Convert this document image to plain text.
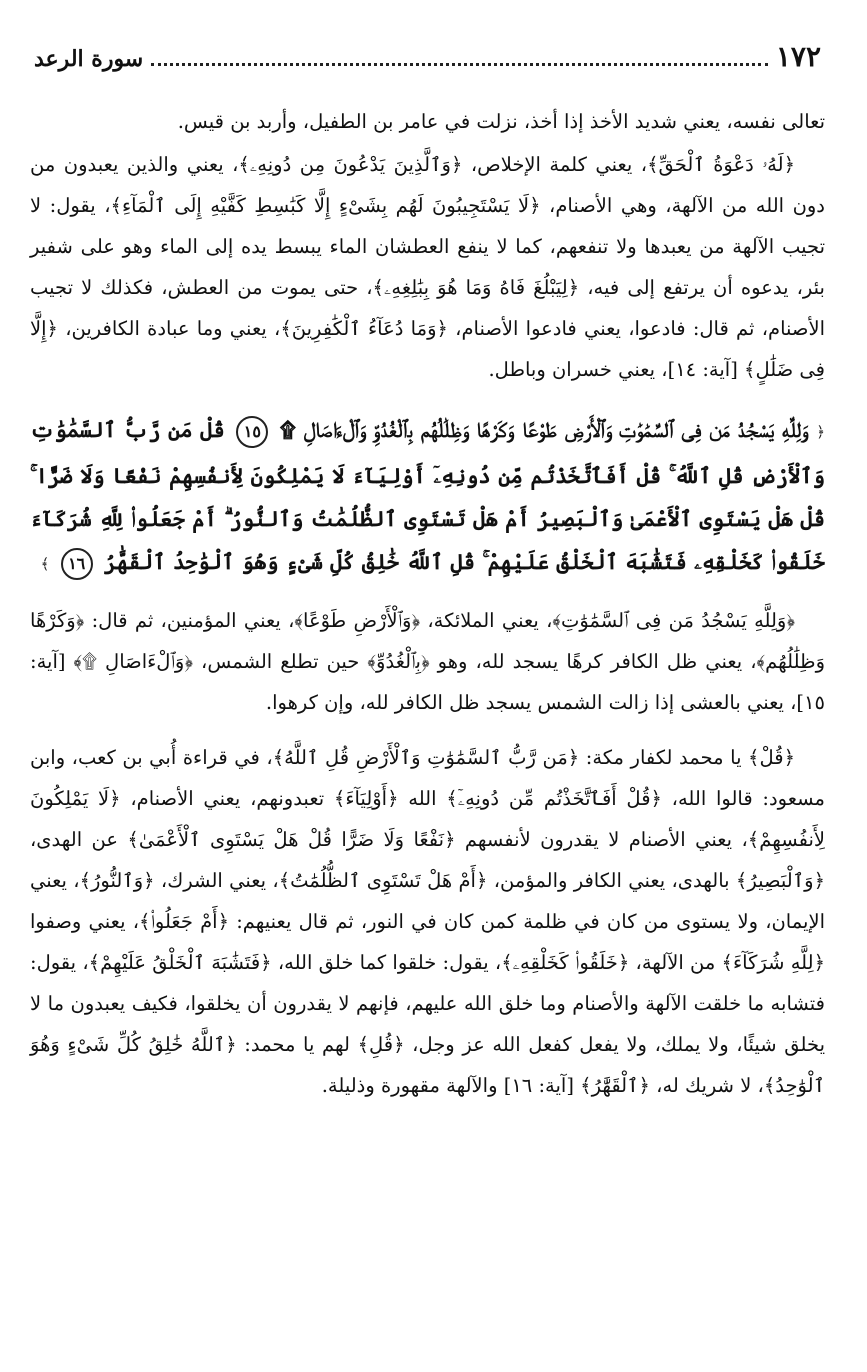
١٧٢
سورة الرعد

تعالى نفسه، يعني شديد الأخذ إذا أخذ، نزلت في عامر بن الطفيل، وأربد بن قيس.

﴿لَهُۥ دَعْوَةُ ٱلْحَقِّ﴾، يعني كلمة الإخلاص، ﴿وَٱلَّذِينَ يَدْعُونَ مِن دُونِهِۦ﴾، يعني والذين يعبدون من دون الله من الآلهة، وهي الأصنام، ﴿لَا يَسْتَجِيبُونَ لَهُم بِشَىْءٍ إِلَّا كَبَٰسِطِ كَفَّيْهِ إِلَى ٱلْمَآءِ﴾، يقول: لا تجيب الآلهة من يعبدها ولا تنفعهم، كما لا ينفع العطشان الماء يبسط يده إلى الماء وهو على شفير بئر، يدعوه أن يرتفع إلى فيه، ﴿لِيَبْلُغَ فَاهُ وَمَا هُوَ بِبَٰلِغِهِۦ﴾، حتى يموت من العطش، فكذلك لا تجيب الأصنام، ثم قال: فادعوا، يعني فادعوا الأصنام، ﴿وَمَا دُعَآءُ ٱلْكَٰفِرِينَ﴾، يعني وما عبادة الكافرين، ﴿إِلَّا فِى ضَلَٰلٍ﴾ [آية: ١٤]، يعني خسران وباطل.

﴿ وَلِلَّهِ يَسْجُدُ مَن فِى ٱلسَّمَٰوَٰتِ وَٱلْأَرْضِ طَوْعًا وَكَرْهًا وَظِلَٰلُهُم بِٱلْغُدُوِّ وَٱلْءَاصَالِ ۩ ١٥ قُلْ مَن رَّبُّ ٱلسَّمَٰوَٰتِ وَٱلْأَرْضِ قُلِ ٱللَّهُ ۚ قُلْ أَفَٱتَّخَذْتُم مِّن دُونِهِۦٓ أَوْلِيَآءَ لَا يَمْلِكُونَ لِأَنفُسِهِمْ نَفْعًا وَلَا ضَرًّا ۚ قُلْ هَلْ يَسْتَوِى ٱلْأَعْمَىٰ وَٱلْبَصِيرُ أَمْ هَلْ تَسْتَوِى ٱلظُّلُمَٰتُ وَٱلنُّورُ ۗ أَمْ جَعَلُوا۟ لِلَّهِ شُرَكَآءَ خَلَقُوا۟ كَخَلْقِهِۦ فَتَشَٰبَهَ ٱلْخَلْقُ عَلَيْهِمْ ۚ قُلِ ٱللَّهُ خَٰلِقُ كُلِّ شَىْءٍ وَهُوَ ٱلْوَٰحِدُ ٱلْقَهَّٰرُ ١٦ ﴾

﴿وَلِلَّهِ يَسْجُدُ مَن فِى ٱلسَّمَٰوَٰتِ﴾، يعني الملائكة، ﴿وَٱلْأَرْضِ طَوْعًا﴾، يعني المؤمنين، ثم قال: ﴿وَكَرْهًا وَظِلَٰلُهُم﴾، يعني ظل الكافر كرهًا يسجد لله، وهو ﴿بِٱلْغُدُوِّ﴾ حين تطلع الشمس، ﴿وَٱلْءَاصَالِ ۩﴾ [آية: ١٥]، يعني بالعشى إذا زالت الشمس يسجد ظل الكافر لله، وإن كرهوا.

﴿قُلْ﴾ يا محمد لكفار مكة: ﴿مَن رَّبُّ ٱلسَّمَٰوَٰتِ وَٱلْأَرْضِ قُلِ ٱللَّهُ﴾، في قراءة أُبي بن كعب، وابن مسعود: قالوا الله، ﴿قُلْ أَفَٱتَّخَذْتُم مِّن دُونِهِۦٓ﴾ الله ﴿أَوْلِيَآءَ﴾ تعبدونهم، يعني الأصنام، ﴿لَا يَمْلِكُونَ لِأَنفُسِهِمْ﴾، يعني الأصنام لا يقدرون لأنفسهم ﴿نَفْعًا وَلَا ضَرًّا قُلْ هَلْ يَسْتَوِى ٱلْأَعْمَىٰ﴾ عن الهدى، ﴿وَٱلْبَصِيرُ﴾ بالهدى، يعني الكافر والمؤمن، ﴿أَمْ هَلْ تَسْتَوِى ٱلظُّلُمَٰتُ﴾، يعني الشرك، ﴿وَٱلنُّورُ﴾، يعني الإيمان، ولا يستوى من كان في ظلمة كمن كان في النور، ثم قال يعنيهم: ﴿أَمْ جَعَلُوا۟﴾، يعني وصفوا ﴿لِلَّهِ شُرَكَآءَ﴾ من الآلهة، ﴿خَلَقُوا۟ كَخَلْقِهِۦ﴾، يقول: خلقوا كما خلق الله، ﴿فَتَشَٰبَهَ ٱلْخَلْقُ عَلَيْهِمْ﴾، يقول: فتشابه ما خلقت الآلهة والأصنام وما خلق الله عليهم، فإنهم لا يقدرون أن يخلقوا، فكيف يعبدون ما لا يخلق شيئًا، ولا يملك، ولا يفعل كفعل الله عز وجل، ﴿قُلِ﴾ لهم يا محمد: ﴿ٱللَّهُ خَٰلِقُ كُلِّ شَىْءٍ وَهُوَ ٱلْوَٰحِدُ﴾، لا شريك له، ﴿ٱلْقَهَّٰرُ﴾ [آية: ١٦] والآلهة مقهورة وذليلة.
